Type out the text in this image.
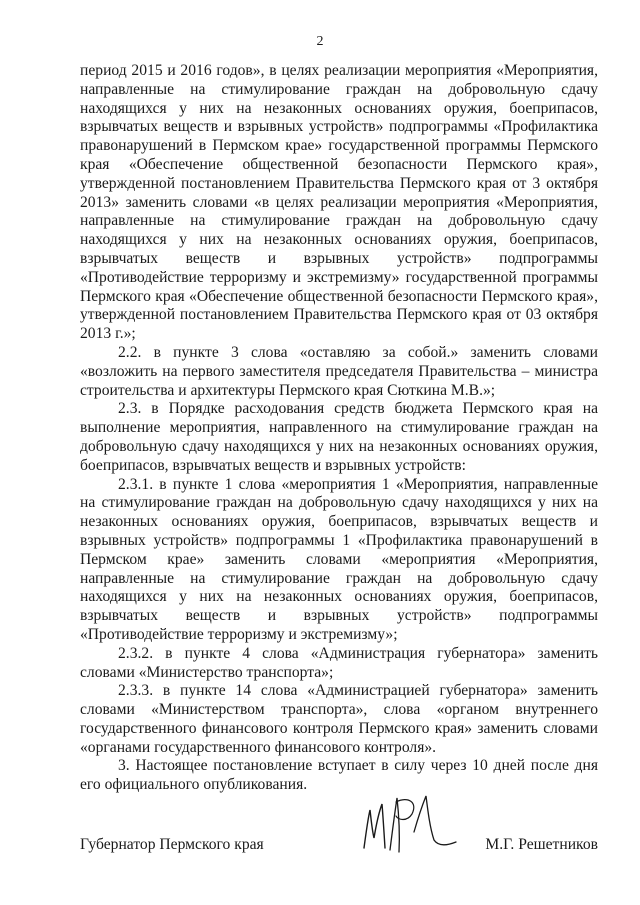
2

период 2015 и 2016 годов», в целях реализации мероприятия «Мероприятия, направленные на стимулирование граждан на добровольную сдачу находящихся у них на незаконных основаниях оружия, боеприпасов, взрывчатых веществ и взрывных устройств» подпрограммы «Профилактика правонарушений в Пермском крае» государственной программы Пермского края «Обеспечение общественной безопасности Пермского края», утвержденной постановлением Правительства Пермского края от 3 октября 2013» заменить словами «в целях реализации мероприятия «Мероприятия, направленные на стимулирование граждан на добровольную сдачу находящихся у них на незаконных основаниях оружия, боеприпасов, взрывчатых веществ и взрывных устройств» подпрограммы «Противодействие терроризму и экстремизму» государственной программы Пермского края «Обеспечение общественной безопасности Пермского края», утвержденной постановлением Правительства Пермского края от 03 октября 2013 г.»;

2.2. в пункте 3 слова «оставляю за собой.» заменить словами «возложить на первого заместителя председателя Правительства – министра строительства и архитектуры Пермского края Сюткина М.В.»;

2.3. в Порядке расходования средств бюджета Пермского края на выполнение мероприятия, направленного на стимулирование граждан на добровольную сдачу находящихся у них на незаконных основаниях оружия, боеприпасов, взрывчатых веществ и взрывных устройств:

2.3.1. в пункте 1 слова «мероприятия 1 «Мероприятия, направленные на стимулирование граждан на добровольную сдачу находящихся у них на незаконных основаниях оружия, боеприпасов, взрывчатых веществ и взрывных устройств» подпрограммы 1 «Профилактика правонарушений в Пермском крае» заменить словами «мероприятия «Мероприятия, направленные на стимулирование граждан на добровольную сдачу находящихся у них на незаконных основаниях оружия, боеприпасов, взрывчатых веществ и взрывных устройств» подпрограммы «Противодействие терроризму и экстремизму»;

2.3.2. в пункте 4 слова «Администрация губернатора» заменить словами «Министерство транспорта»;

2.3.3. в пункте 14 слова «Администрацией губернатора» заменить словами «Министерством транспорта», слова «органом внутреннего государственного финансового контроля Пермского края» заменить словами «органами государственного финансового контроля».

3. Настоящее постановление вступает в силу через 10 дней после дня его официального опубликования.

Губернатор Пермского края	М.Г. Решетников
